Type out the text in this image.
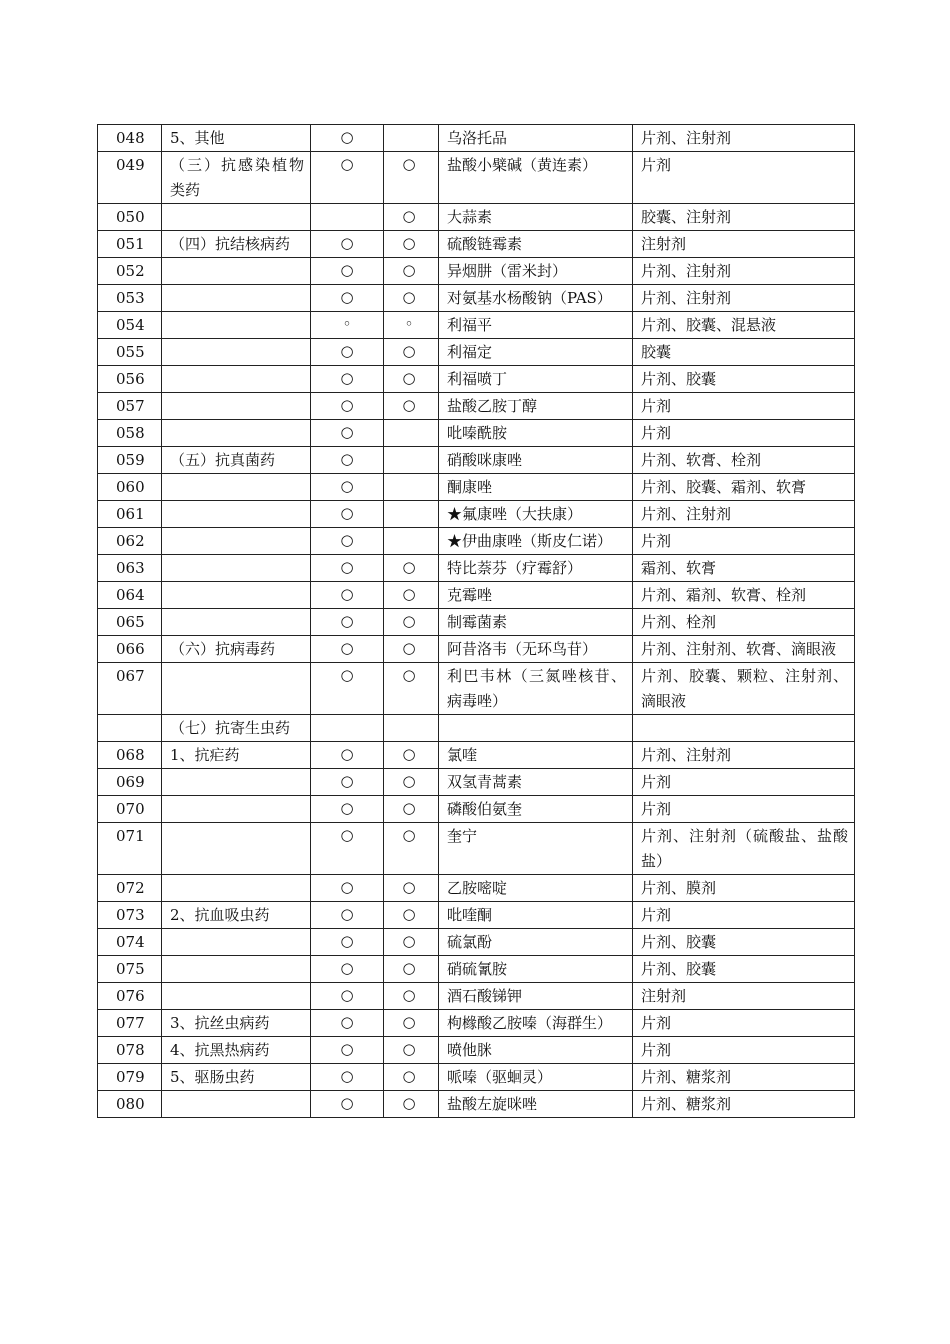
048	5、其他	○		乌洛托品	片剂、注射剂
049	（三）抗感染植物类药	○	○	盐酸小檗碱（黄连素）	片剂
050			○	大蒜素	胶囊、注射剂
051	（四）抗结核病药	○	○	硫酸链霉素	注射剂
052		○	○	异烟肼（雷米封）	片剂、注射剂
053		○	○	对氨基水杨酸钠（PAS）	片剂、注射剂
054		◦	◦	利福平	片剂、胶囊、混悬液
055		○	○	利福定	胶囊
056		○	○	利福喷丁	片剂、胶囊
057		○	○	盐酸乙胺丁醇	片剂
058		○		吡嗪酰胺	片剂
059	（五）抗真菌药	○		硝酸咪康唑	片剂、软膏、栓剂
060		○		酮康唑	片剂、胶囊、霜剂、软膏
061		○		★氟康唑（大扶康）	片剂、注射剂
062		○		★伊曲康唑（斯皮仁诺）	片剂
063		○	○	特比萘芬（疗霉舒）	霜剂、软膏
064		○	○	克霉唑	片剂、霜剂、软膏、栓剂
065		○	○	制霉菌素	片剂、栓剂
066	（六）抗病毒药	○	○	阿昔洛韦（无环鸟苷）	片剂、注射剂、软膏、滴眼液
067		○	○	利巴韦林（三氮唑核苷、病毒唑）	片剂、胶囊、颗粒、注射剂、滴眼液
	（七）抗寄生虫药				
068	1、抗疟药	○	○	氯喹	片剂、注射剂
069		○	○	双氢青蒿素	片剂
070		○	○	磷酸伯氨奎	片剂
071		○	○	奎宁	片剂、注射剂（硫酸盐、盐酸盐）
072		○	○	乙胺嘧啶	片剂、膜剂
073	2、抗血吸虫药	○	○	吡喹酮	片剂
074		○	○	硫氯酚	片剂、胶囊
075		○	○	硝硫氰胺	片剂、胶囊
076		○	○	酒石酸锑钾	注射剂
077	3、抗丝虫病药	○	○	枸橼酸乙胺嗪（海群生）	片剂
078	4、抗黑热病药	○	○	喷他脒	片剂
079	5、驱肠虫药	○	○	哌嗪（驱蛔灵）	片剂、糖浆剂
080		○	○	盐酸左旋咪唑	片剂、糖浆剂
